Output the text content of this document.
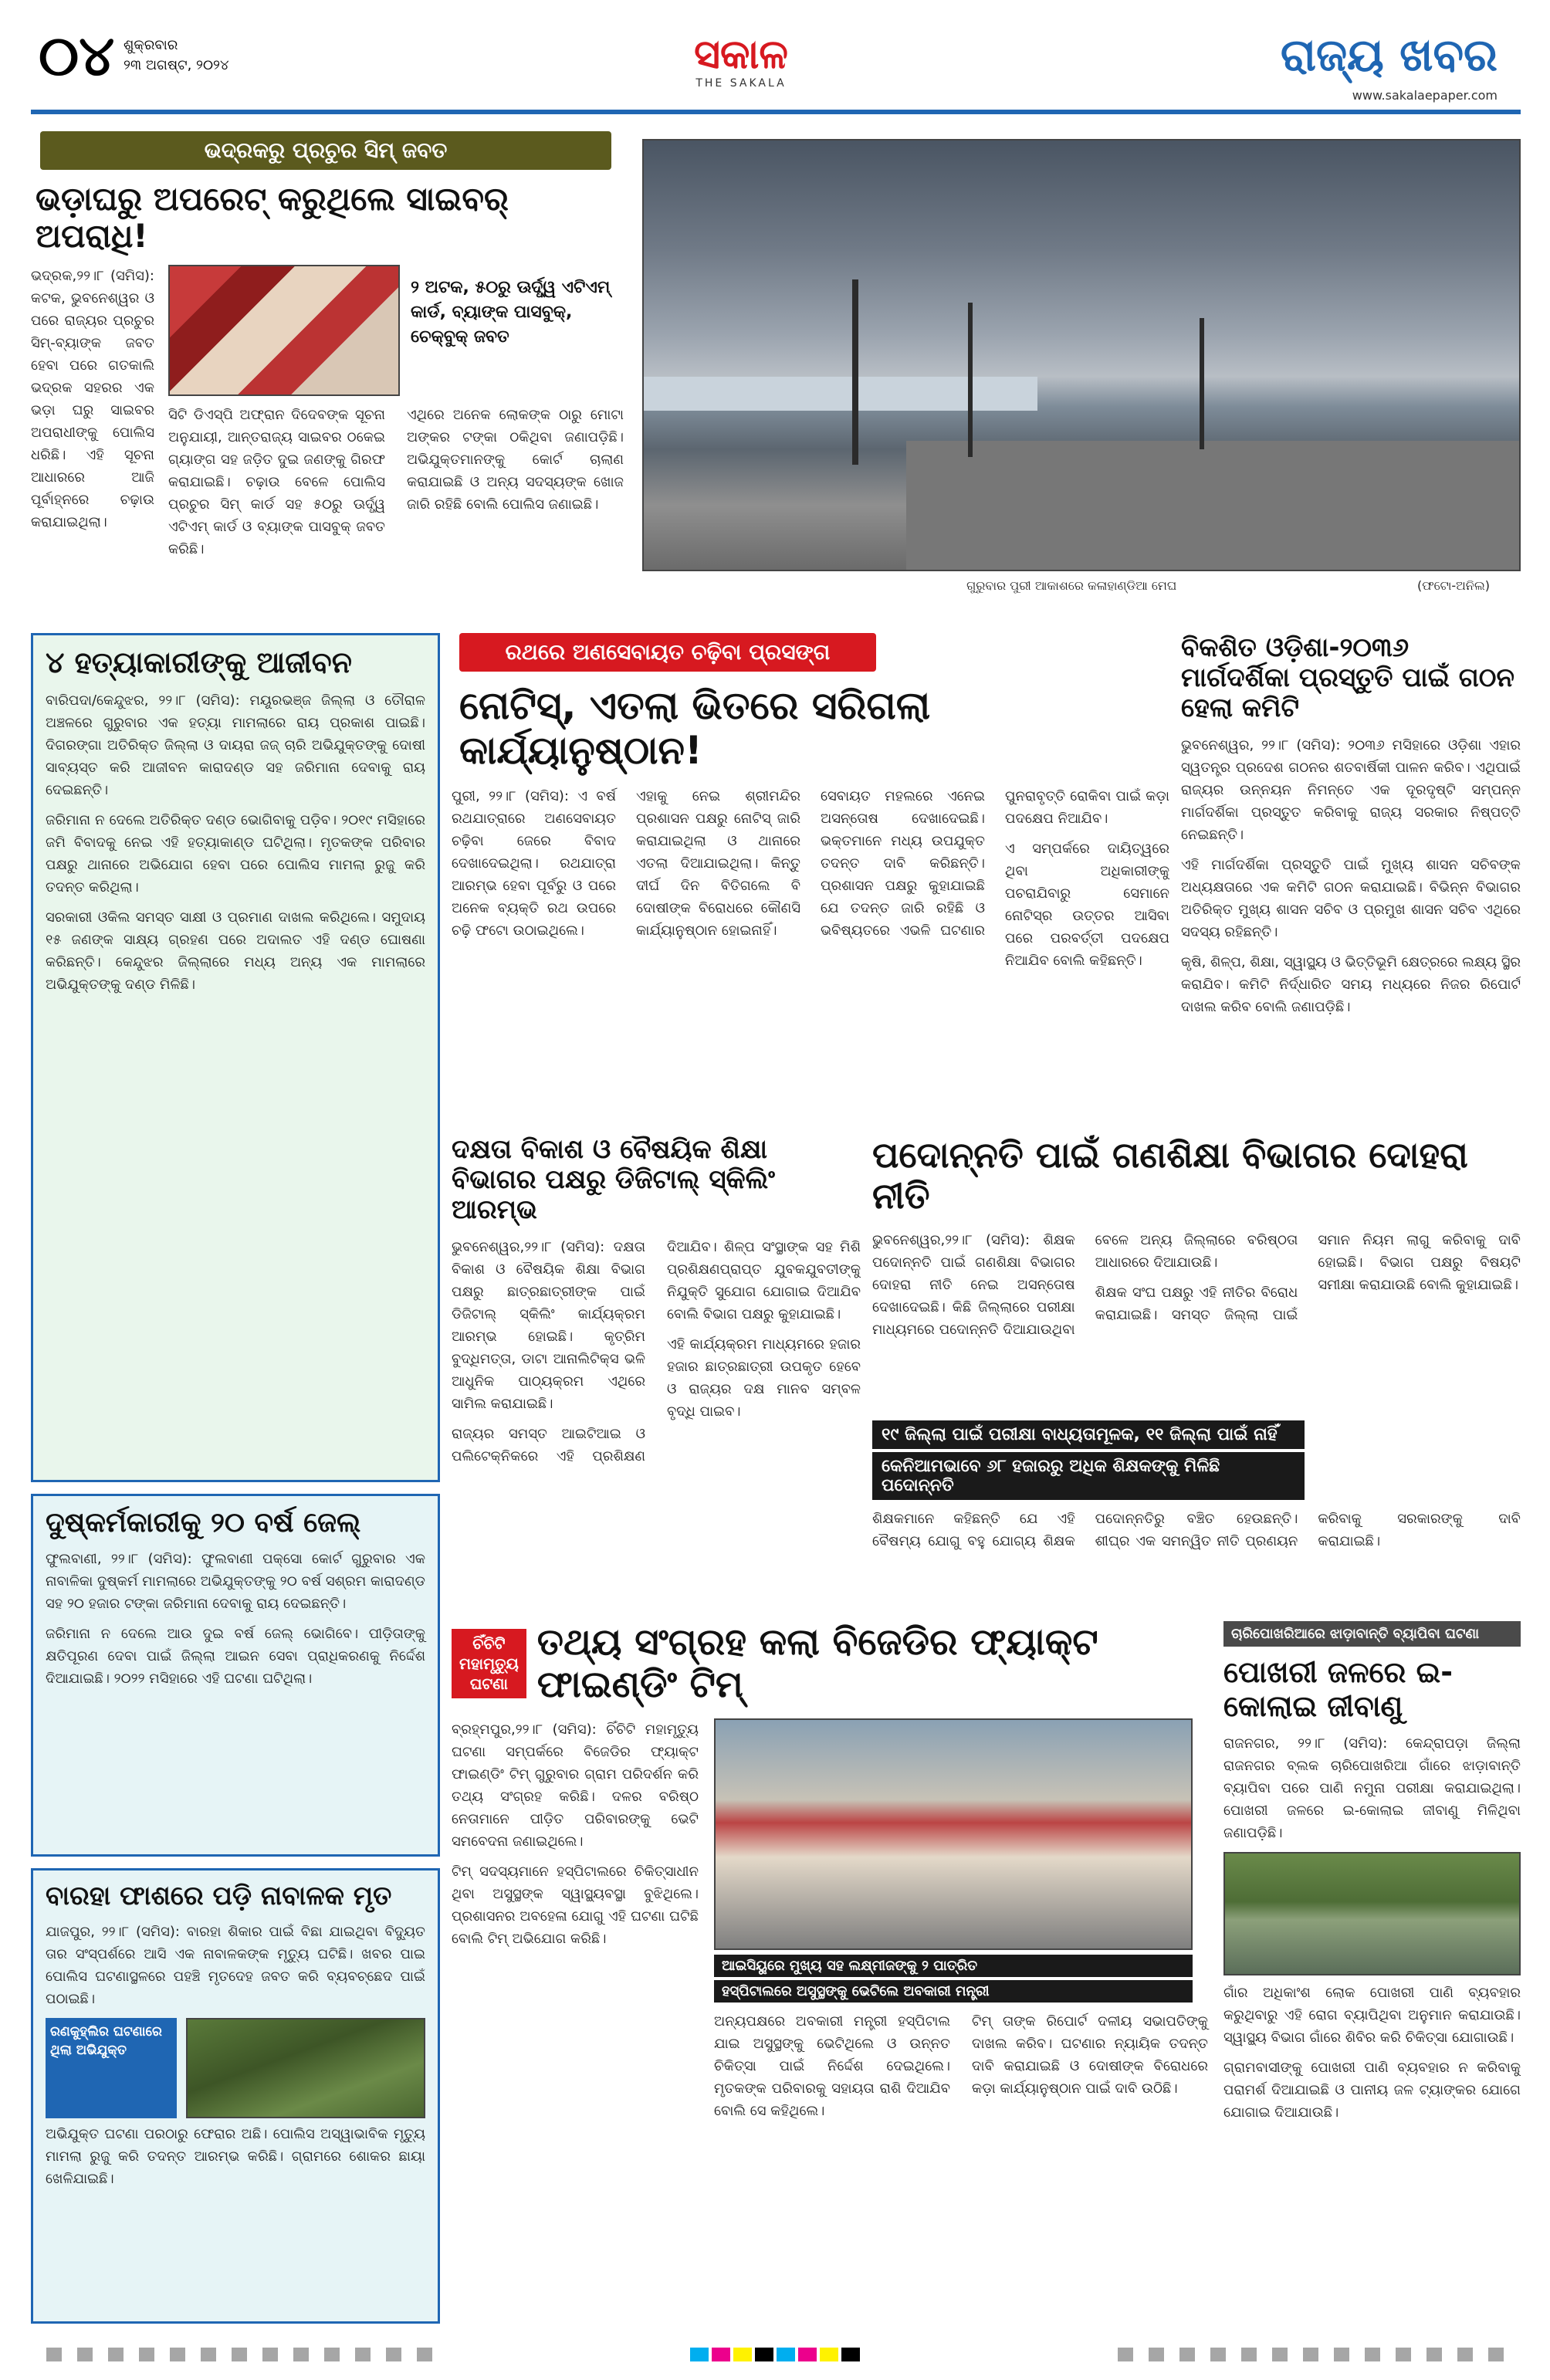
୦୪ ଶୁକ୍ରବାର
୨୩ ଅଗଷ୍ଟ, ୨୦୨୪	ସକାଳ
THE SAKALA
ରାଜ୍ୟ ଖବର
www.sakalaepaper.com
ଭଦ୍ରକରୁ ପ୍ରଚୁର ସିମ୍‌ ଜବତ
ଭଡ଼ାଘରୁ ଅପରେଟ୍ କରୁଥିଲେ ସାଇବର୍ ଅପରାଧି!

ଭଦ୍ରକ,୨୨।୮ (ସମିସ): କଟକ, ଭୁବନେଶ୍ୱର ଓ ପରେ ରାଜ୍ୟର ପ୍ରଚୁର ସିମ୍‌-ବ୍ୟାଙ୍କ ଜବତ ହେବା ପରେ ଗତକାଲି ଭଦ୍ରକ ସହରର ଏକ ଭଡ଼ା ଘରୁ ସାଇବର ଅପରାଧୀଙ୍କୁ ପୋଲିସ ଧରିଛି। ଏହି ସୂଚନା ଆଧାରରେ ଆଜି ପୂର୍ବାହ୍ନରେ ଚଢ଼ାଉ କରାଯାଇଥିଲା।

୨ ଅଟକ, ୫୦ରୁ ଊର୍ଦ୍ଧ୍ୱ ଏଟିଏମ୍ କାର୍ଡ, ବ୍ୟାଙ୍କ ପାସବୁକ୍, ଚେକ୍‌ବୁକ୍ ଜବତ

ସିଟି ଡିଏସ୍ପି ଅଫ୍ରାନ ଦିଦେବଙ୍କ ସୂଚନା ଅନୁଯାୟୀ, ଆନ୍ତରାଜ୍ୟ ସାଇବର ଠକେଇ ଗ୍ୟାଙ୍ଗ ସହ ଜଡ଼ିତ ଦୁଇ ଜଣଙ୍କୁ ଗିରଫ କରାଯାଇଛି। ଚଢ଼ାଉ ବେଳେ ପୋଲିସ ପ୍ରଚୁର ସିମ୍‌ କାର୍ଡ ସହ ୫୦ରୁ ଊର୍ଦ୍ଧ୍ୱ ଏଟିଏମ୍ କାର୍ଡ ଓ ବ୍ୟାଙ୍କ ପାସବୁକ୍ ଜବତ କରିଛି।

ଏଥିରେ ଅନେକ ଲୋକଙ୍କ ଠାରୁ ମୋଟା ଅଙ୍କର ଟଙ୍କା ଠକିଥିବା ଜଣାପଡ଼ିଛି। ଅଭିଯୁକ୍ତମାନଙ୍କୁ କୋର୍ଟ ଚାଲାଣ କରାଯାଇଛି ଓ ଅନ୍ୟ ସଦସ୍ୟଙ୍କ ଖୋଜ ଜାରି ରହିଛି ବୋଲି ପୋଲିସ ଜଣାଇଛି।

ଗୁରୁବାର ପୁରୀ ଆକାଶରେ କଳାହାଣ୍ଡିଆ ମେଘ	(ଫଟୋ-ଅନିଲ)
୪ ହତ୍ୟାକାରୀଙ୍କୁ ଆଜୀବନ

ବାରିପଦା/କେନ୍ଦୁଝର, ୨୨।୮ (ସମିସ): ମୟୂରଭଞ୍ଜ ଜିଲ୍ଲା ଓ ତୌରାଳ ଅଞ୍ଚଳରେ ଗୁରୁବାର ଏକ ହତ୍ୟା ମାମଲାରେ ରାୟ ପ୍ରକାଶ ପାଇଛି। ଦିଗରଙ୍ଗା ଅତିରିକ୍ତ ଜିଲ୍ଲା ଓ ଦାୟରା ଜଜ୍ ଚାରି ଅଭିଯୁକ୍ତଙ୍କୁ ଦୋଷୀ ସାବ୍ୟସ୍ତ କରି ଆଜୀବନ କାରାଦଣ୍ଡ ସହ ଜରିମାନା ଦେବାକୁ ରାୟ ଦେଇଛନ୍ତି।

ଜରିମାନା ନ ଦେଲେ ଅତିରିକ୍ତ ଦଣ୍ଡ ଭୋଗିବାକୁ ପଡ଼ିବ। ୨୦୧୯ ମସିହାରେ ଜମି ବିବାଦକୁ ନେଇ ଏହି ହତ୍ୟାକାଣ୍ଡ ଘଟିଥିଲା। ମୃତକଙ୍କ ପରିବାର ପକ୍ଷରୁ ଥାନାରେ ଅଭିଯୋଗ ହେବା ପରେ ପୋଲିସ ମାମଲା ରୁଜୁ କରି ତଦନ୍ତ କରିଥିଲା।

ସରକାରୀ ଓକିଲ ସମସ୍ତ ସାକ୍ଷୀ ଓ ପ୍ରମାଣ ଦାଖଲ କରିଥିଲେ। ସମୁଦାୟ ୧୫ ଜଣଙ୍କ ସାକ୍ଷ୍ୟ ଗ୍ରହଣ ପରେ ଅଦାଲତ ଏହି ଦଣ୍ଡ ଘୋଷଣା କରିଛନ୍ତି। କେନ୍ଦୁଝର ଜିଲ୍ଲାରେ ମଧ୍ୟ ଅନ୍ୟ ଏକ ମାମଲାରେ ଅଭିଯୁକ୍ତଙ୍କୁ ଦଣ୍ଡ ମିଳିଛି।

ଦୁଷ୍କର୍ମକାରୀକୁ ୨୦ ବର୍ଷ ଜେଲ୍

ଫୁଲବାଣୀ, ୨୨।୮ (ସମିସ): ଫୁଲବାଣୀ ପକ୍ସୋ କୋର୍ଟ ଗୁରୁବାର ଏକ ନାବାଳିକା ଦୁଷ୍କର୍ମ ମାମଲାରେ ଅଭିଯୁକ୍ତଙ୍କୁ ୨୦ ବର୍ଷ ସଶ୍ରମ କାରାଦଣ୍ଡ ସହ ୨୦ ହଜାର ଟଙ୍କା ଜରିମାନା ଦେବାକୁ ରାୟ ଦେଇଛନ୍ତି।

ଜରିମାନା ନ ଦେଲେ ଆଉ ଦୁଇ ବର୍ଷ ଜେଲ୍ ଭୋଗିବେ। ପୀଡ଼ିତାଙ୍କୁ କ୍ଷତିପୂରଣ ଦେବା ପାଇଁ ଜିଲ୍ଲା ଆଇନ ସେବା ପ୍ରାଧିକରଣକୁ ନିର୍ଦ୍ଦେଶ ଦିଆଯାଇଛି। ୨୦୨୨ ମସିହାରେ ଏହି ଘଟଣା ଘଟିଥିଲା।

ବାରହା ଫାଶରେ ପଡ଼ି ନାବାଳକ ମୃତ

ଯାଜପୁର, ୨୨।୮ (ସମିସ): ବାରହା ଶିକାର ପାଇଁ ବିଛା ଯାଇଥିବା ବିଦ୍ୟୁତ ତାର ସଂସ୍ପର୍ଶରେ ଆସି ଏକ ନାବାଳକଙ୍କ ମୃତ୍ୟୁ ଘଟିଛି। ଖବର ପାଇ ପୋଲିସ ଘଟଣାସ୍ଥଳରେ ପହଞ୍ଚି ମୃତଦେହ ଜବତ କରି ବ୍ୟବଚ୍ଛେଦ ପାଇଁ ପଠାଇଛି।

ରଣକୁହ୍ଲିର ଘଟଣାରେ ଥିଲା ଅଭିଯୁକ୍ତ

ଅଭିଯୁକ୍ତ ଘଟଣା ପରଠାରୁ ଫେରାର ଅଛି। ପୋଲିସ ଅସ୍ୱାଭାବିକ ମୃତ୍ୟୁ ମାମଲା ରୁଜୁ କରି ତଦନ୍ତ ଆରମ୍ଭ କରିଛି। ଗ୍ରାମରେ ଶୋକର ଛାୟା ଖେଳିଯାଇଛି।

ରଥରେ ଅଣସେବାୟତ ଚଢ଼ିବା ପ୍ରସଙ୍ଗ
ନୋଟିସ୍, ଏତଲା ଭିତରେ ସରିଗଲା କାର୍ଯ୍ୟାନୁଷ୍ଠାନ!

ପୁରୀ, ୨୨।୮ (ସମିସ): ଏ ବର୍ଷ ରଥଯାତ୍ରାରେ ଅଣସେବାୟତ ଚଢ଼ିବା ଜେରେ ବିବାଦ ଦେଖାଦେଇଥିଲା। ରଥଯାତ୍ରା ଆରମ୍ଭ ହେବା ପୂର୍ବରୁ ଓ ପରେ ଅନେକ ବ୍ୟକ୍ତି ରଥ ଉପରେ ଚଢ଼ି ଫଟୋ ଉଠାଇଥିଲେ।

ଏହାକୁ ନେଇ ଶ୍ରୀମନ୍ଦିର ପ୍ରଶାସନ ପକ୍ଷରୁ ନୋଟିସ୍ ଜାରି କରାଯାଇଥିଲା ଓ ଥାନାରେ ଏତଲା ଦିଆଯାଇଥିଲା। କିନ୍ତୁ ଦୀର୍ଘ ଦିନ ବିତିଗଲେ ବି ଦୋଷୀଙ୍କ ବିରୋଧରେ କୌଣସି କାର୍ଯ୍ୟାନୁଷ୍ଠାନ ହୋଇନାହିଁ।

ସେବାୟତ ମହଲରେ ଏନେଇ ଅସନ୍ତୋଷ ଦେଖାଦେଇଛି। ଭକ୍ତମାନେ ମଧ୍ୟ ଉପଯୁକ୍ତ ତଦନ୍ତ ଦାବି କରିଛନ୍ତି। ପ୍ରଶାସନ ପକ୍ଷରୁ କୁହାଯାଇଛି ଯେ ତଦନ୍ତ ଜାରି ରହିଛି ଓ ଭବିଷ୍ୟତରେ ଏଭଳି ଘଟଣାର ପୁନରାବୃତ୍ତି ରୋକିବା ପାଇଁ କଡ଼ା ପଦକ୍ଷେପ ନିଆଯିବ।

ଏ ସମ୍ପର୍କରେ ଦାୟିତ୍ୱରେ ଥିବା ଅଧିକାରୀଙ୍କୁ ପଚରାଯିବାରୁ ସେମାନେ ନୋଟିସ୍‌ର ଉତ୍ତର ଆସିବା ପରେ ପରବର୍ତ୍ତୀ ପଦକ୍ଷେପ ନିଆଯିବ ବୋଲି କହିଛନ୍ତି।

ବିକଶିତ ଓଡ଼ିଶା-୨୦୩୬ ମାର୍ଗଦର୍ଶିକା ପ୍ରସ୍ତୁତି ପାଇଁ ଗଠନ ହେଲା କମିଟି

ଭୁବନେଶ୍ୱର, ୨୨।୮ (ସମିସ): ୨୦୩୬ ମସିହାରେ ଓଡ଼ିଶା ଏହାର ସ୍ୱତନ୍ତ୍ର ପ୍ରଦେଶ ଗଠନର ଶତବାର୍ଷିକୀ ପାଳନ କରିବ। ଏଥିପାଇଁ ରାଜ୍ୟର ଉନ୍ନୟନ ନିମନ୍ତେ ଏକ ଦୂରଦୃଷ୍ଟି ସମ୍ପନ୍ନ ମାର୍ଗଦର୍ଶିକା ପ୍ରସ୍ତୁତ କରିବାକୁ ରାଜ୍ୟ ସରକାର ନିଷ୍ପତ୍ତି ନେଇଛନ୍ତି।

ଏହି ମାର୍ଗଦର୍ଶିକା ପ୍ରସ୍ତୁତି ପାଇଁ ମୁଖ୍ୟ ଶାସନ ସଚିବଙ୍କ ଅଧ୍ୟକ୍ଷତାରେ ଏକ କମିଟି ଗଠନ କରାଯାଇଛି। ବିଭିନ୍ନ ବିଭାଗର ଅତିରିକ୍ତ ମୁଖ୍ୟ ଶାସନ ସଚିବ ଓ ପ୍ରମୁଖ ଶାସନ ସଚିବ ଏଥିରେ ସଦସ୍ୟ ରହିଛନ୍ତି।

କୃଷି, ଶିଳ୍ପ, ଶିକ୍ଷା, ସ୍ୱାସ୍ଥ୍ୟ ଓ ଭିତ୍ତିଭୂମି କ୍ଷେତ୍ରରେ ଲକ୍ଷ୍ୟ ସ୍ଥିର କରାଯିବ। କମିଟି ନିର୍ଦ୍ଧାରିତ ସମୟ ମଧ୍ୟରେ ନିଜର ରିପୋର୍ଟ ଦାଖଲ କରିବ ବୋଲି ଜଣାପଡ଼ିଛି।

ଦକ୍ଷତା ବିକାଶ ଓ ବୈଷୟିକ ଶିକ୍ଷା ବିଭାଗର ପକ୍ଷରୁ ଡିଜିଟାଲ୍ ସ୍କିଲିଂ ଆରମ୍ଭ

ଭୁବନେଶ୍ୱର,୨୨।୮ (ସମିସ): ଦକ୍ଷତା ବିକାଶ ଓ ବୈଷୟିକ ଶିକ୍ଷା ବିଭାଗ ପକ୍ଷରୁ ଛାତ୍ରଛାତ୍ରୀଙ୍କ ପାଇଁ ଡିଜିଟାଲ୍ ସ୍କିଲିଂ କାର୍ଯ୍ୟକ୍ରମ ଆରମ୍ଭ ହୋଇଛି। କୃତ୍ରିମ ବୁଦ୍ଧିମତ୍ତା, ଡାଟା ଆନାଲିଟିକ୍ସ ଭଳି ଆଧୁନିକ ପାଠ୍ୟକ୍ରମ ଏଥିରେ ସାମିଲ କରାଯାଇଛି।

ରାଜ୍ୟର ସମସ୍ତ ଆଇଟିଆଇ ଓ ପଲିଟେକ୍ନିକରେ ଏହି ପ୍ରଶିକ୍ଷଣ ଦିଆଯିବ। ଶିଳ୍ପ ସଂସ୍ଥାଙ୍କ ସହ ମିଶି ପ୍ରଶିକ୍ଷଣପ୍ରାପ୍ତ ଯୁବକଯୁବତୀଙ୍କୁ ନିଯୁକ୍ତି ସୁଯୋଗ ଯୋଗାଇ ଦିଆଯିବ ବୋଲି ବିଭାଗ ପକ୍ଷରୁ କୁହାଯାଇଛି।

ଏହି କାର୍ଯ୍ୟକ୍ରମ ମାଧ୍ୟମରେ ହଜାର ହଜାର ଛାତ୍ରଛାତ୍ରୀ ଉପକୃତ ହେବେ ଓ ରାଜ୍ୟର ଦକ୍ଷ ମାନବ ସମ୍ବଳ ବୃଦ୍ଧି ପାଇବ।

ପଦୋନ୍ନତି ପାଇଁ ଗଣଶିକ୍ଷା ବିଭାଗର ଦୋହରା ନୀତି

ଭୁବନେଶ୍ୱର,୨୨।୮ (ସମିସ): ଶିକ୍ଷକ ପଦୋନ୍ନତି ପାଇଁ ଗଣଶିକ୍ଷା ବିଭାଗର ଦୋହରା ନୀତି ନେଇ ଅସନ୍ତୋଷ ଦେଖାଦେଇଛି। କିଛି ଜିଲ୍ଲାରେ ପରୀକ୍ଷା ମାଧ୍ୟମରେ ପଦୋନ୍ନତି ଦିଆଯାଉଥିବା ବେଳେ ଅନ୍ୟ ଜିଲ୍ଲାରେ ବରିଷ୍ଠତା ଆଧାରରେ ଦିଆଯାଉଛି।

ଶିକ୍ଷକ ସଂଘ ପକ୍ଷରୁ ଏହି ନୀତିର ବିରୋଧ କରାଯାଇଛି। ସମସ୍ତ ଜିଲ୍ଲା ପାଇଁ ସମାନ ନିୟମ ଲାଗୁ କରିବାକୁ ଦାବି ହୋଇଛି। ବିଭାଗ ପକ୍ଷରୁ ବିଷୟଟି ସମୀକ୍ଷା କରାଯାଉଛି ବୋଲି କୁହାଯାଇଛି।

୧୯ ଜିଲ୍ଲା ପାଇଁ ପରୀକ୍ଷା ବାଧ୍ୟତାମୂଳକ, ୧୧ ଜିଲ୍ଲା ପାଇଁ ନାହିଁ
କେନିଆମଭାବେ ୬୮ ହଜାରରୁ ଅଧିକ ଶିକ୍ଷକଙ୍କୁ ମିଳିଛି ପଦୋନ୍ନତି

ଶିକ୍ଷକମାନେ କହିଛନ୍ତି ଯେ ଏହି ବୈଷମ୍ୟ ଯୋଗୁ ବହୁ ଯୋଗ୍ୟ ଶିକ୍ଷକ ପଦୋନ୍ନତିରୁ ବଞ୍ଚିତ ହେଉଛନ୍ତି। ଶୀଘ୍ର ଏକ ସମନ୍ୱିତ ନୀତି ପ୍ରଣୟନ କରିବାକୁ ସରକାରଙ୍କୁ ଦାବି କରାଯାଇଛି।

ଚିଁଚିଟି ମହାମୃତ୍ୟୁ ଘଟଣା
ତଥ୍ୟ ସଂଗ୍ରହ କଲା ବିଜେଡିର ଫ୍ୟାକ୍ଟ ଫାଇଣ୍ଡିଂ ଟିମ୍

ବ୍ରହ୍ମପୁର,୨୨।୮ (ସମିସ): ଚିଁଚିଟି ମହାମୃତ୍ୟୁ ଘଟଣା ସମ୍ପର୍କରେ ବିଜେଡିର ଫ୍ୟାକ୍ଟ ଫାଇଣ୍ଡିଂ ଟିମ୍ ଗୁରୁବାର ଗ୍ରାମ ପରିଦର୍ଶନ କରି ତଥ୍ୟ ସଂଗ୍ରହ କରିଛି। ଦଳର ବରିଷ୍ଠ ନେତାମାନେ ପୀଡ଼ିତ ପରିବାରଙ୍କୁ ଭେଟି ସମବେଦନା ଜଣାଇଥିଲେ।

ଟିମ୍ ସଦସ୍ୟମାନେ ହସ୍ପିଟାଲରେ ଚିକିତ୍ସାଧୀନ ଥିବା ଅସୁସ୍ଥଙ୍କ ସ୍ୱାସ୍ଥ୍ୟବସ୍ଥା ବୁଝିଥିଲେ। ପ୍ରଶାସନର ଅବହେଳା ଯୋଗୁ ଏହି ଘଟଣା ଘଟିଛି ବୋଲି ଟିମ୍ ଅଭିଯୋଗ କରିଛି।

ଆଇସିୟୁରେ ମୁଖ୍ୟ ସହ ଲକ୍ଷ୍ମୀଜଙ୍କୁ ୨ ପାତ୍ରିତ
ହସ୍ପିଟାଲରେ ଅସୁସ୍ଥଙ୍କୁ ଭେଟିଲେ ଅବକାରୀ ମନ୍ତ୍ରୀ

ଅନ୍ୟପକ୍ଷରେ ଅବକାରୀ ମନ୍ତ୍ରୀ ହସ୍ପିଟାଲ ଯାଇ ଅସୁସ୍ଥଙ୍କୁ ଭେଟିଥିଲେ ଓ ଉନ୍ନତ ଚିକିତ୍ସା ପାଇଁ ନିର୍ଦ୍ଦେଶ ଦେଇଥିଲେ। ମୃତକଙ୍କ ପରିବାରକୁ ସହାୟତା ରାଶି ଦିଆଯିବ ବୋଲି ସେ କହିଥିଲେ।

ଟିମ୍ ତାଙ୍କ ରିପୋର୍ଟ ଦଳୀୟ ସଭାପତିଙ୍କୁ ଦାଖଲ କରିବ। ଘଟଣାର ନ୍ୟାୟିକ ତଦନ୍ତ ଦାବି କରାଯାଇଛି ଓ ଦୋଷୀଙ୍କ ବିରୋଧରେ କଡ଼ା କାର୍ଯ୍ୟାନୁଷ୍ଠାନ ପାଇଁ ଦାବି ଉଠିଛି।

ଚାରିପୋଖରିଆରେ ଝାଡ଼ାବାନ୍ତି ବ୍ୟାପିବା ଘଟଣା
ପୋଖରୀ ଜଳରେ ଇ-କୋଲାଇ ଜୀବାଣୁ

ରାଜନଗର, ୨୨।୮ (ସମିସ): କେନ୍ଦ୍ରାପଡ଼ା ଜିଲ୍ଲା ରାଜନଗର ବ୍ଲକ ଚାରିପୋଖରିଆ ଗାଁରେ ଝାଡ଼ାବାନ୍ତି ବ୍ୟାପିବା ପରେ ପାଣି ନମୁନା ପରୀକ୍ଷା କରାଯାଇଥିଲା। ପୋଖରୀ ଜଳରେ ଇ-କୋଲାଇ ଜୀବାଣୁ ମିଳିଥିବା ଜଣାପଡ଼ିଛି।

ଗାଁର ଅଧିକାଂଶ ଲୋକ ପୋଖରୀ ପାଣି ବ୍ୟବହାର କରୁଥିବାରୁ ଏହି ରୋଗ ବ୍ୟାପିଥିବା ଅନୁମାନ କରାଯାଉଛି। ସ୍ୱାସ୍ଥ୍ୟ ବିଭାଗ ଗାଁରେ ଶିବିର କରି ଚିକିତ୍ସା ଯୋଗାଉଛି।

ଗ୍ରାମବାସୀଙ୍କୁ ପୋଖରୀ ପାଣି ବ୍ୟବହାର ନ କରିବାକୁ ପରାମର୍ଶ ଦିଆଯାଇଛି ଓ ପାନୀୟ ଜଳ ଟ୍ୟାଙ୍କର ଯୋଗେ ଯୋଗାଇ ଦିଆଯାଉଛି।
